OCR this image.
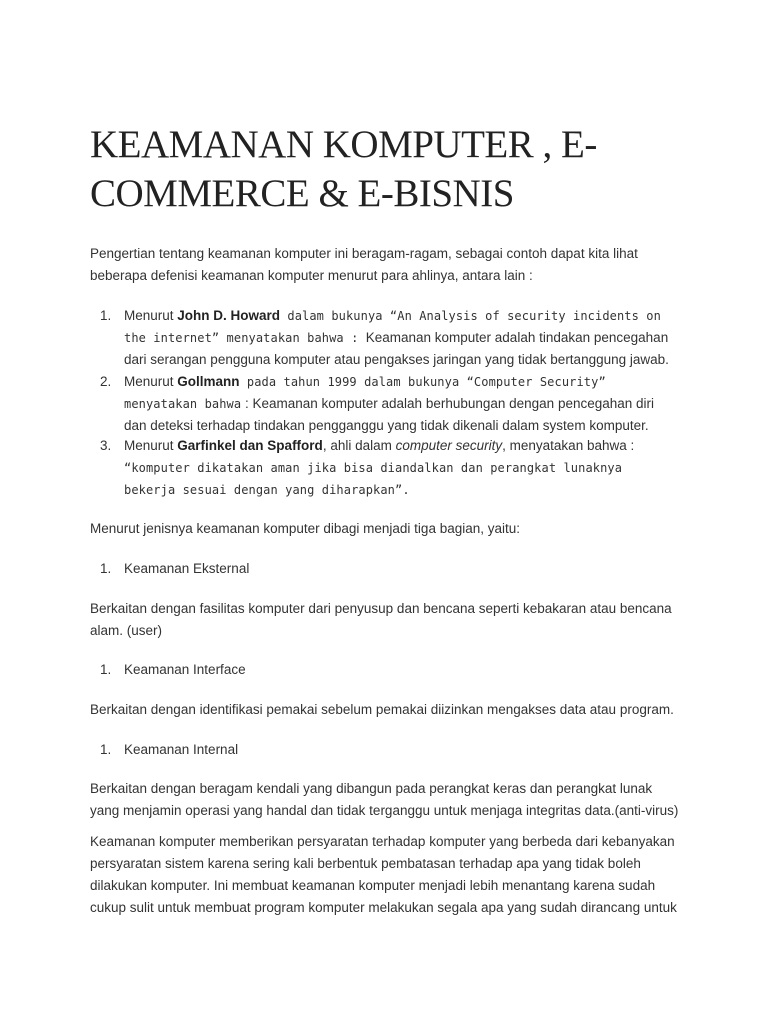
KEAMANAN KOMPUTER , E-COMMERCE & E-BISNIS

Pengertian tentang keamanan komputer ini beragam-ragam, sebagai contoh dapat kita lihat beberapa defenisi keamanan komputer menurut para ahlinya, antara lain :

1. Menurut John D. Howard dalam bukunya “An Analysis of security incidents on the internet” menyatakan bahwa : Keamanan komputer adalah tindakan pencegahan dari serangan pengguna komputer atau pengakses jaringan yang tidak bertanggung jawab.
2. Menurut Gollmann pada tahun 1999 dalam bukunya “Computer Security” menyatakan bahwa : Keamanan komputer adalah berhubungan dengan pencegahan diri dan deteksi terhadap tindakan pengganggu yang tidak dikenali dalam system komputer.
3. Menurut Garfinkel dan Spafford, ahli dalam computer security, menyatakan bahwa :
“komputer dikatakan aman jika bisa diandalkan dan perangkat lunaknya bekerja sesuai dengan yang diharapkan”.

Menurut jenisnya keamanan komputer dibagi menjadi tiga bagian, yaitu:

1. Keamanan Eksternal

Berkaitan dengan fasilitas komputer dari penyusup dan bencana seperti kebakaran atau bencana alam. (user)

1. Keamanan Interface

Berkaitan dengan identifikasi pemakai sebelum pemakai diizinkan mengakses data atau program.

1. Keamanan Internal

Berkaitan dengan beragam kendali yang dibangun pada perangkat keras dan perangkat lunak yang menjamin operasi yang handal dan tidak terganggu untuk menjaga integritas data.(anti-virus)

Keamanan komputer memberikan persyaratan terhadap komputer yang berbeda dari kebanyakan persyaratan sistem karena sering kali berbentuk pembatasan terhadap apa yang tidak boleh dilakukan komputer. Ini membuat keamanan komputer menjadi lebih menantang karena sudah cukup sulit untuk membuat program komputer melakukan segala apa yang sudah dirancang untuk
